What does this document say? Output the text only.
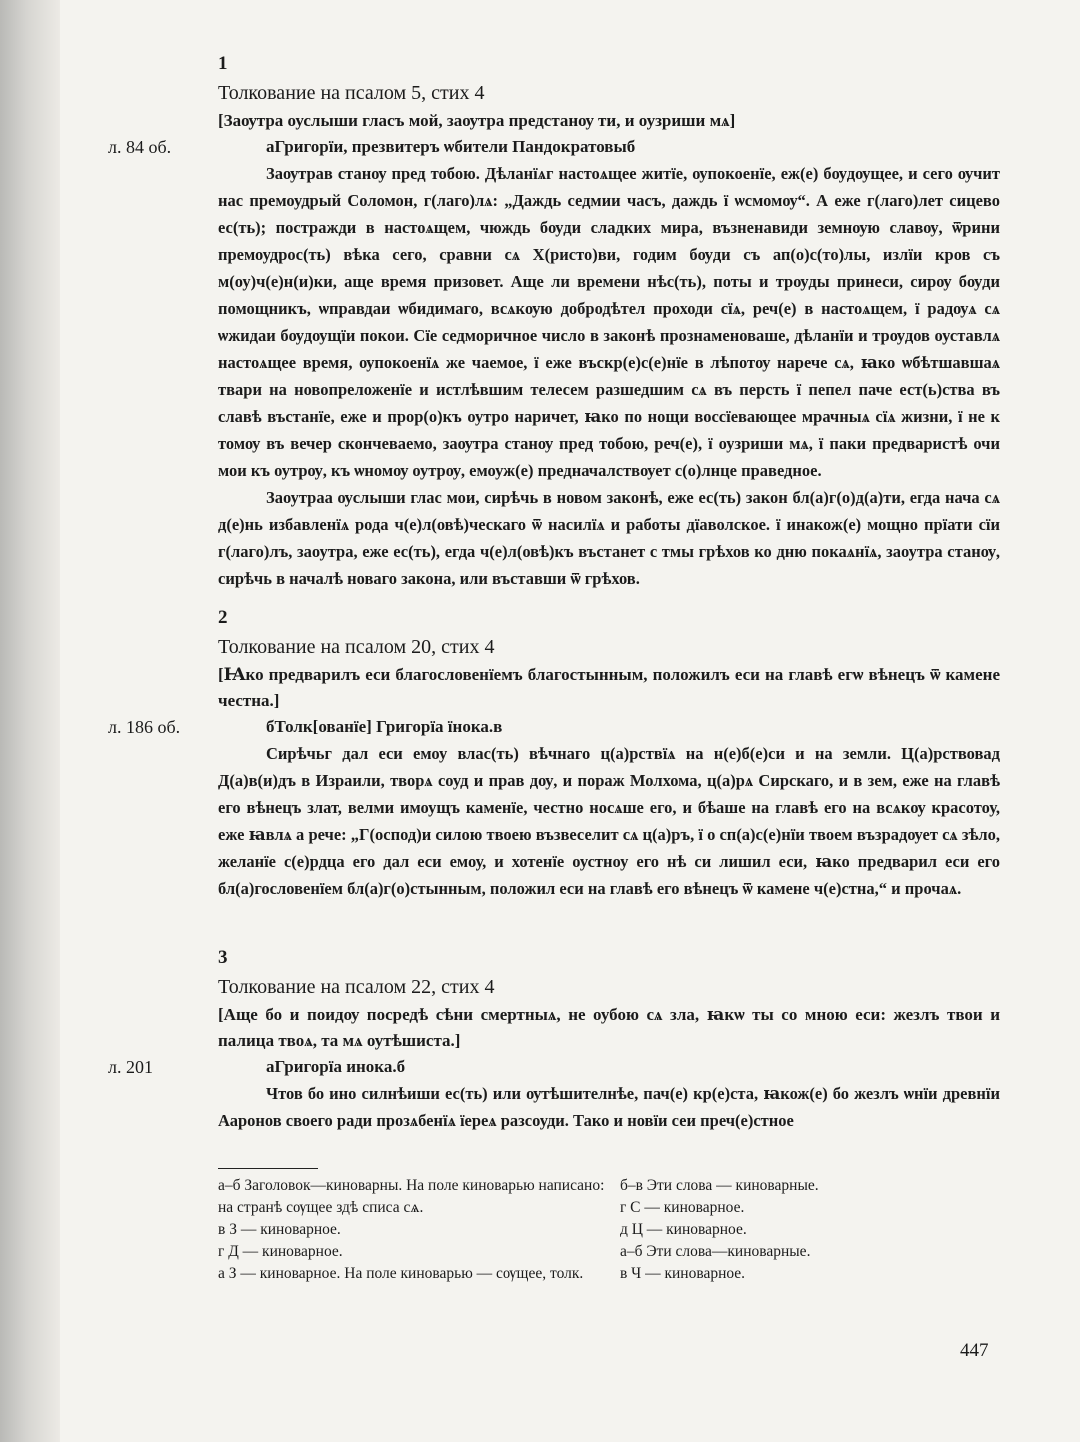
1
Толкование на псалом 5, стих 4
[Заѹтра оуслыши гласъ мой, заѹтра предстанѹ ти, и оузриши мѧ]
л. 84 об.	аГригорїи, презвитеръ ѡбители Пандократовыб

Заѹтрав станѹ пред тобою. Дѣланїѧг настоѧщее житїе, ѹпокоенїе, еж(е) бѹдѹщее, и сего ѹчит нас премоудрый Соломон, г(лаго)лѧ: „Даждь седмии часъ, даждь ї ѡсмомѹ“. А еже г(лаго)лет сицево ес(ть); пострaжди в настоѧщем, чюждь бѹди сладких мира, възненавиди земнѹю славѹ, ѿрини премоудрос(ть) вѣка сего, сравни сѧ Х(ристо)ви, годим бѹди съ ап(о)с(то)лы, излїи кров съ м(оу)ч(е)н(и)ки, аще время призовет. Аще ли времени нѣс(ть), поты и трѹды принеси, сирѹ бѹди помощникъ, ѡправдаи ѡбидимаго, всѧкѹю добродѣтел проходи сїѧ, реч(е) в настоѧщем, ї радѹѧ сѧ ѡжидаи бѹдѹщїи покои. Сїе седмоpичное число в законѣ прознаменоваше, дѣланїи и трѹдов оуставлѧ настоѧщее время, ѹпокоенїѧ же чаемое, ї еже въскр(е)с(е)нїе в лѣпотѹ нарече сѧ, ꙗко ѡбѣтшавшаѧ твари на новопреложенїе и истлѣвшим телесем разшедшим сѧ въ персть ї пепел паче ест(ь)ства въ славѣ въстанїе, еже и прор(о)къ оутро наричет, ꙗко по нощи воссїевающее мрачныѧ сїѧ жизни, ї не к томѹ въ вечер скончеваемо, заѹтра станѹ пред тобою, реч(е), ї оузриши мѧ, ї паки предваристѣ очи мои къ оутрѹ, къ ѡномѹ оутрѹ, емоуж(е) предначалствѹет с(о)лнце праведное.

Заоутраа ѹслыши глас мои, сирѣчь в новом законѣ, еже ес(ть) закон бл(а)г(о)д(а)ти, егда нача сѧ д(е)нь избавленїѧ рода ч(е)л(овѣ)ческаго ѿ насилїѧ и работы дїаволское. ї инакож(е) мощно прїати сїи г(лаго)лъ, заоутра, еже ес(ть), егда ч(е)л(овѣ)къ въстанет с тмы грѣхов ко дню покаѧнїѧ, заоутра станѹ, сирѣчь в началѣ новаго закона, или въставши ѿ грѣхов.

2
Толкование на псалом 20, стих 4
[Ꙗко предварилъ еси благословенїемъ благостынным, положилъ еси на главѣ егѡ вѣнецъ ѿ камене честна.]
л. 186 об.	бТолк[ованїе] Григорїа їнока.в

Сирѣчьг дал еси емоу влас(ть) вѣчнаго ц(а)рствїѧ на н(е)б(е)си и на земли. Ц(а)рствовад Д(а)в(и)дъ в Израили, творѧ соуд и прав дѹ, и пораж Молхома, ц(а)рѧ Сирскаго, и в зем, еже на главѣ его вѣнецъ злат, велми имоущъ каменїе, честно носѧше его, и бѣаше на главѣ его на всѧкѹ красотоу, еже ꙗвлѧ а рече: „Г(оспод)и силою твоею възвеселит сѧ ц(а)ръ, ї о сп(а)с(е)нїи твоем възрадѹет сѧ зѣло, желанїе с(е)рдца его дал еси емоу, и хотенїе оустноу его нѣ си лишил еси, ꙗко предварил еси его бл(а)гословенїем бл(а)г(о)стынным, положил еси на главѣ его вѣнецъ ѿ камене ч(е)стна,“ и прочаѧ.

3
Толкование на псалом 22, стих 4
[Аще бо и поидѹ посредѣ сѣни смертныѧ, не оубою сѧ зла, ꙗкѡ ты со мною еси: жезлъ твои и палица твоѧ, та мѧ оутѣшиста.]
л. 201	аГригорїа инока.б

Чтов бо ино силнѣиши ес(ть) или ѹтѣшителнѣе, пач(е) кр(е)ста, ꙗкож(е) бо жезлъ ѡнїи древнїи Ааронов своего ради прозѧбенїѧ їереѧ разсоуди. Тако и новїи сеи преч(е)стное

а–б Заголовок—киноварны. На поле киноварью написано: на странѣ сѹщее здѣ списа сѧ.

в З — киноварное.

г Д — киноварное.

а З — киноварное. На поле киноварью — сѹщее, толк.

б–в Эти слова — киноварные.

г С — киноварное.

д Ц — киноварное.

а–б Эти слова—киноварные.

в Ч — киноварное.

447
